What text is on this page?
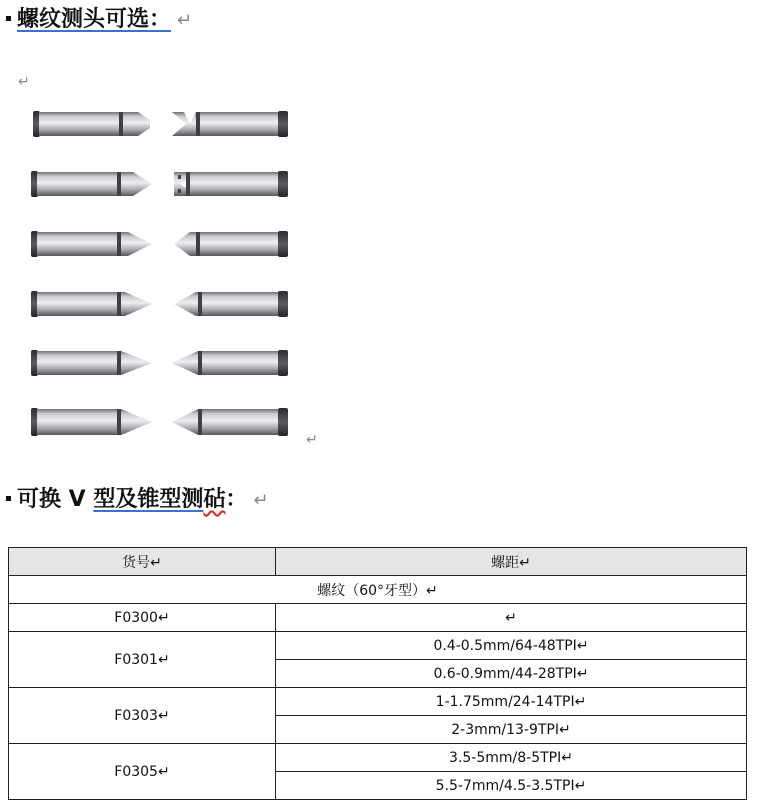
螺纹测头可选： ↵
↵
↵
可换 V 型及锥型测砧： ↵
货号↵	螺距↵
螺纹（60°牙型）↵	
F0300↵	↵
F0301↵	0.4-0.5mm/64-48TPI↵
	0.6-0.9mm/44-28TPI↵
F0303↵	1-1.75mm/24-14TPI↵
	2-3mm/13-9TPI↵
F0305↵	3.5-5mm/8-5TPI↵
	5.5-7mm/4.5-3.5TPI↵
